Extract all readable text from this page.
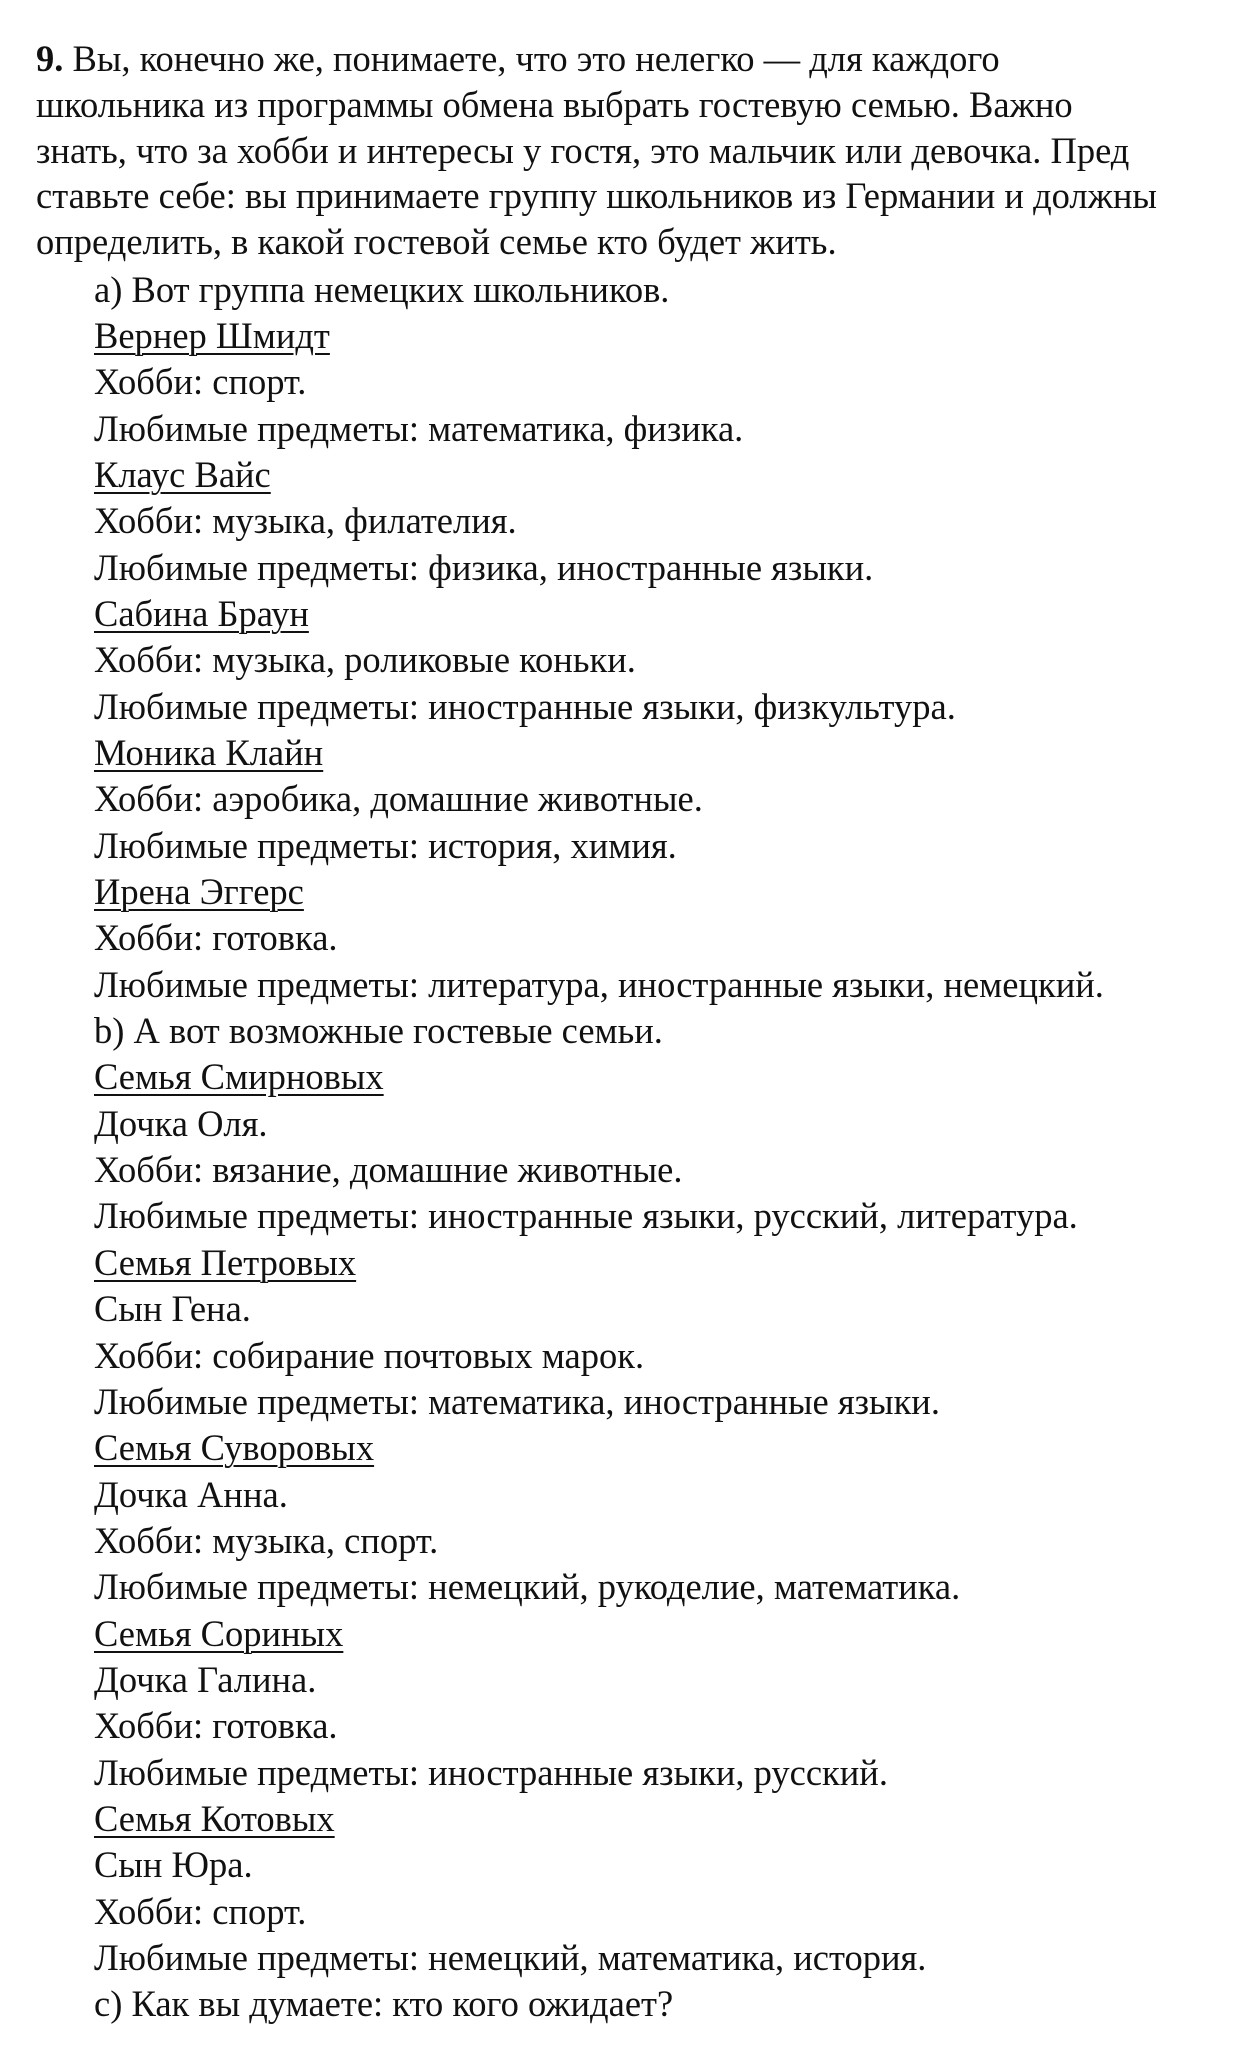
9. Вы, конечно же, понимаете, что это нелегко — для каждого
школьника из программы обмена выбрать гостевую семью. Важно
знать, что за хобби и интересы у гостя, это мальчик или девочка. Пред
ставьте себе: вы принимаете группу школьников из Германии и должны
определить, в какой гостевой семье кто будет жить.
а) Вот группа немецких школьников.
Вернер Шмидт
Хобби: спорт.
Любимые предметы: математика, физика.
Клаус Вайс
Хобби: музыка, филателия.
Любимые предметы: физика, иностранные языки.
Сабина Браун
Хобби: музыка, роликовые коньки.
Любимые предметы: иностранные языки, физкультура.
Моника Клайн
Хобби: аэробика, домашние животные.
Любимые предметы: история, химия.
Ирена Эггерс
Хобби: готовка.
Любимые предметы: литература, иностранные языки, немецкий.
b) А вот возможные гостевые семьи.
Семья Смирновых
Дочка Оля.
Хобби: вязание, домашние животные.
Любимые предметы: иностранные языки, русский, литература.
Семья Петровых
Сын Гена.
Хобби: собирание почтовых марок.
Любимые предметы: математика, иностранные языки.
Семья Суворовых
Дочка Анна.
Хобби: музыка, спорт.
Любимые предметы: немецкий, рукоделие, математика.
Семья Сориных
Дочка Галина.
Хобби: готовка.
Любимые предметы: иностранные языки, русский.
Семья Котовых
Сын Юра.
Хобби: спорт.
Любимые предметы: немецкий, математика, история.
с) Как вы думаете: кто кого ожидает?
